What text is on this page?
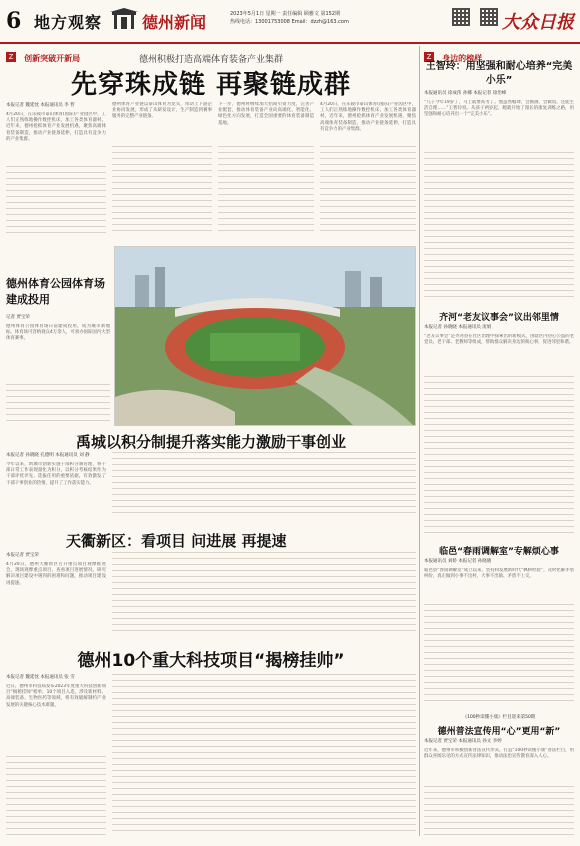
6 地方观察 德州新闻	2023年5月1日 星期一 责任编辑 顾雅文 第152期
热线电话：13001753008 Email：dzzh@163.com	大众日报
Z 创新突破开新局	德州积极打造高端体育装备产业集群
先穿珠成链 再聚链成群
本报记者 魏延忱 本报通讯员 李 哲
4月20日，在乐陵市泰山体育(国际)产业园区中，工人们正熟练地操作数控机床，加工各类体育器材。近年来，德州抢抓体育产业发展机遇，聚焦高端体育装备制造，推动产业链条延伸，打造具有竞争力的产业集群。
德州体育产业链以泰山体育为龙头，带动上下游企业协同发展，形成了从研发设计、生产制造到赛事服务的完整产业链条。
下一步，德州将继续加大招商引资力度，完善产业配套，推动体育装备产业向高端化、智能化、绿色化方向发展，打造全国重要的体育装备制造基地。
4月20日，在乐陵市泰山体育(国际)产业园区中，工人们正熟练地操作数控机床，加工各类体育器材。近年来，德州抢抓体育产业发展机遇，聚焦高端体育装备制造，推动产业链条延伸，打造具有竞争力的产业集群。
德州体育公园体育场建成投用
记者 贾宝荣
德州体育公园体育场日前建成投用，成为城市新地标。体育场可容纳观众4万余人，可承办国际国内大型体育赛事。
禹城以积分制提升落实能力激励干事创业
本报记者 孙晓晓 孔德明 本报通讯员 刘 静
今年以来，禹城市创新实施干部积分制管理，将干部日常工作表现量化为积分，以积分考核结果作为干部评优评先、选拔任用的重要依据，有效激发了干部干事创业的热情，提升了工作落实能力。
天衢新区：看项目 问进展 再提速
本报记者 贾宝荣
4月20日，德州天衢新区召开重点项目观摩推进会，现场观摩重点项目，查看项目进展情况，研究解决项目建设中遇到的困难和问题，推动项目建设再提速。
德州10个重大科技项目“揭榜挂帅”
本报记者 魏延忱 本报通讯员 张 雪
近日，德州市科技局发布2023年度重大科技创新项目“揭榜挂帅”榜单，10个项目入选，涉及新材料、高端装备、生物医药等领域，将有效破解制约产业发展的关键核心技术难题。
Z 身边的榜样
王智玲：用坚强和耐心培养“完美小乐”
本报通讯员 徐成伟 孙娜 本报记者 徐治峰
“儿子今年19岁了，马上就要高考了。他虽然嗷聋，会画画，会做饭，还能生活自理……”王智玲说。从孩子两岁起，她就开始了漫长的康复训练之路，用坚强和耐心培养出一个“完美小乐”。
齐河“老友议事会”议出邻里情
本报记者 孙晓晓 本报通讯员 庞娟
“老友议事会”是齐河县在社区治理中探索出的新模式，由辖区内热心公益的老党员、老干部、老教师等组成，帮助群众解决身边的烦心事，促进邻里和谐。
临邑“春雨调解室”专解烦心事
本报通讯员 刘娇 本报记者 孙晓晓
临邑县“春雨调解室”成立以来，坚持和发展新时代“枫桥经验”，及时化解矛盾纠纷，真正做到小事不出村、大事不出镇、矛盾不上交。
《100秒读懂小康》栏目迎来第50期
德州普法宣传用“心”更用“新”
本报记者 贾宝荣 本报通讯员 孙文 李婷
近年来，德州市积极创新普法宣传形式，打造“100秒读懂小康”普法栏目，用群众喜闻乐见的方式宣传法律知识，推动法治宣传教育深入人心。
